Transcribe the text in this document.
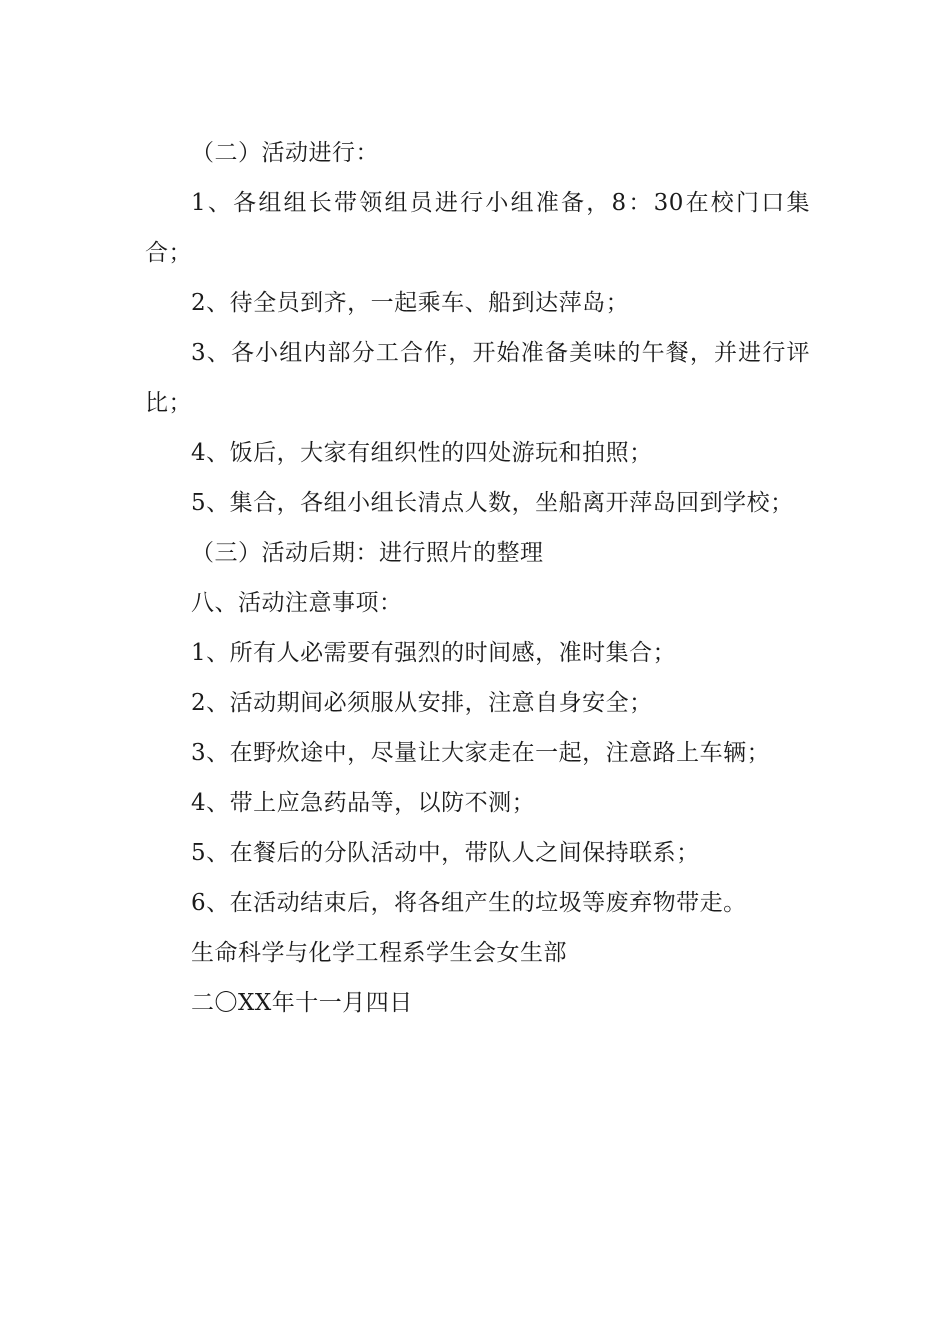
（二）活动进行：

1、各组组长带领组员进行小组准备，8：30在校门口集合；

2、待全员到齐，一起乘车、船到达萍岛；

3、各小组内部分工合作，开始准备美味的午餐，并进行评比；

4、饭后，大家有组织性的四处游玩和拍照；

5、集合，各组小组长清点人数，坐船离开萍岛回到学校；

（三）活动后期：进行照片的整理

八、活动注意事项：

1、所有人必需要有强烈的时间感，准时集合；

2、活动期间必须服从安排，注意自身安全；

3、在野炊途中，尽量让大家走在一起，注意路上车辆；

4、带上应急药品等，以防不测；

5、在餐后的分队活动中，带队人之间保持联系；

6、在活动结束后，将各组产生的垃圾等废弃物带走。

生命科学与化学工程系学生会女生部

二〇XX年十一月四日
